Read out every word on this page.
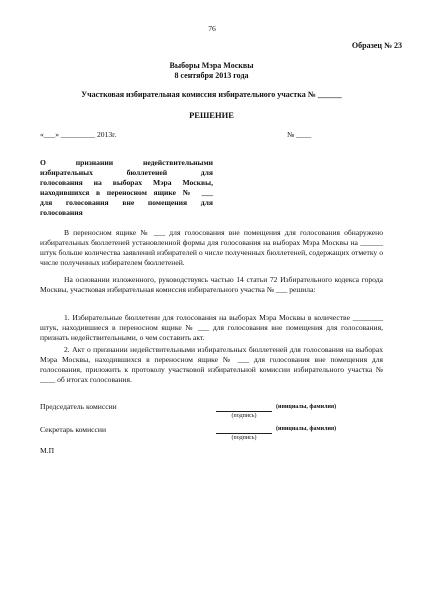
76
Образец № 23
Выборы Мэра Москвы
8 сентября 2013 года
Участковая избирательная комиссия избирательного участка № ______
РЕШЕНИЕ
«___» _________ 2013г.	№ ____
О признании недействительными
избирательных бюллетеней для
голосования на выборах Мэра Москвы,
находившихся в переносном ящике № ___
для голосования вне помещения для
голосования
В переносном ящике № ___ для голосования вне помещения для голосования обнаружено избирательных бюллетеней установленной формы для голосования на выборах Мэра Москвы на ______ штук больше количества заявлений избирателей о числе полученных бюллетеней, содержащих отметку о числе полученных избирателем бюллетеней.
На основании изложенного, руководствуясь частью 14 статьи 72 Избирательного кодекса города Москвы, участковая избирательная комиссия избирательного участка № ___ решила:
1. Избирательные бюллетени для голосования на выборах Мэра Москвы в количестве ________ штук, находившиеся в переносном ящике № ___ для голосования вне помещения для голосования, признать недействительными, о чем составить акт.
2. Акт о признании недействительными избирательных бюллетеней для голосования на выборах Мэра Москвы, находившихся в переносном ящике № ___ для голосования вне помещения для голосования, приложить к протоколу участковой избирательной комиссии избирательного участка № ____ об итогах голосования.
Председатель комиссии	(инициалы, фамилия)
(подпись)
Секретарь комиссии	(инициалы, фамилия)
(подпись)
М.П
